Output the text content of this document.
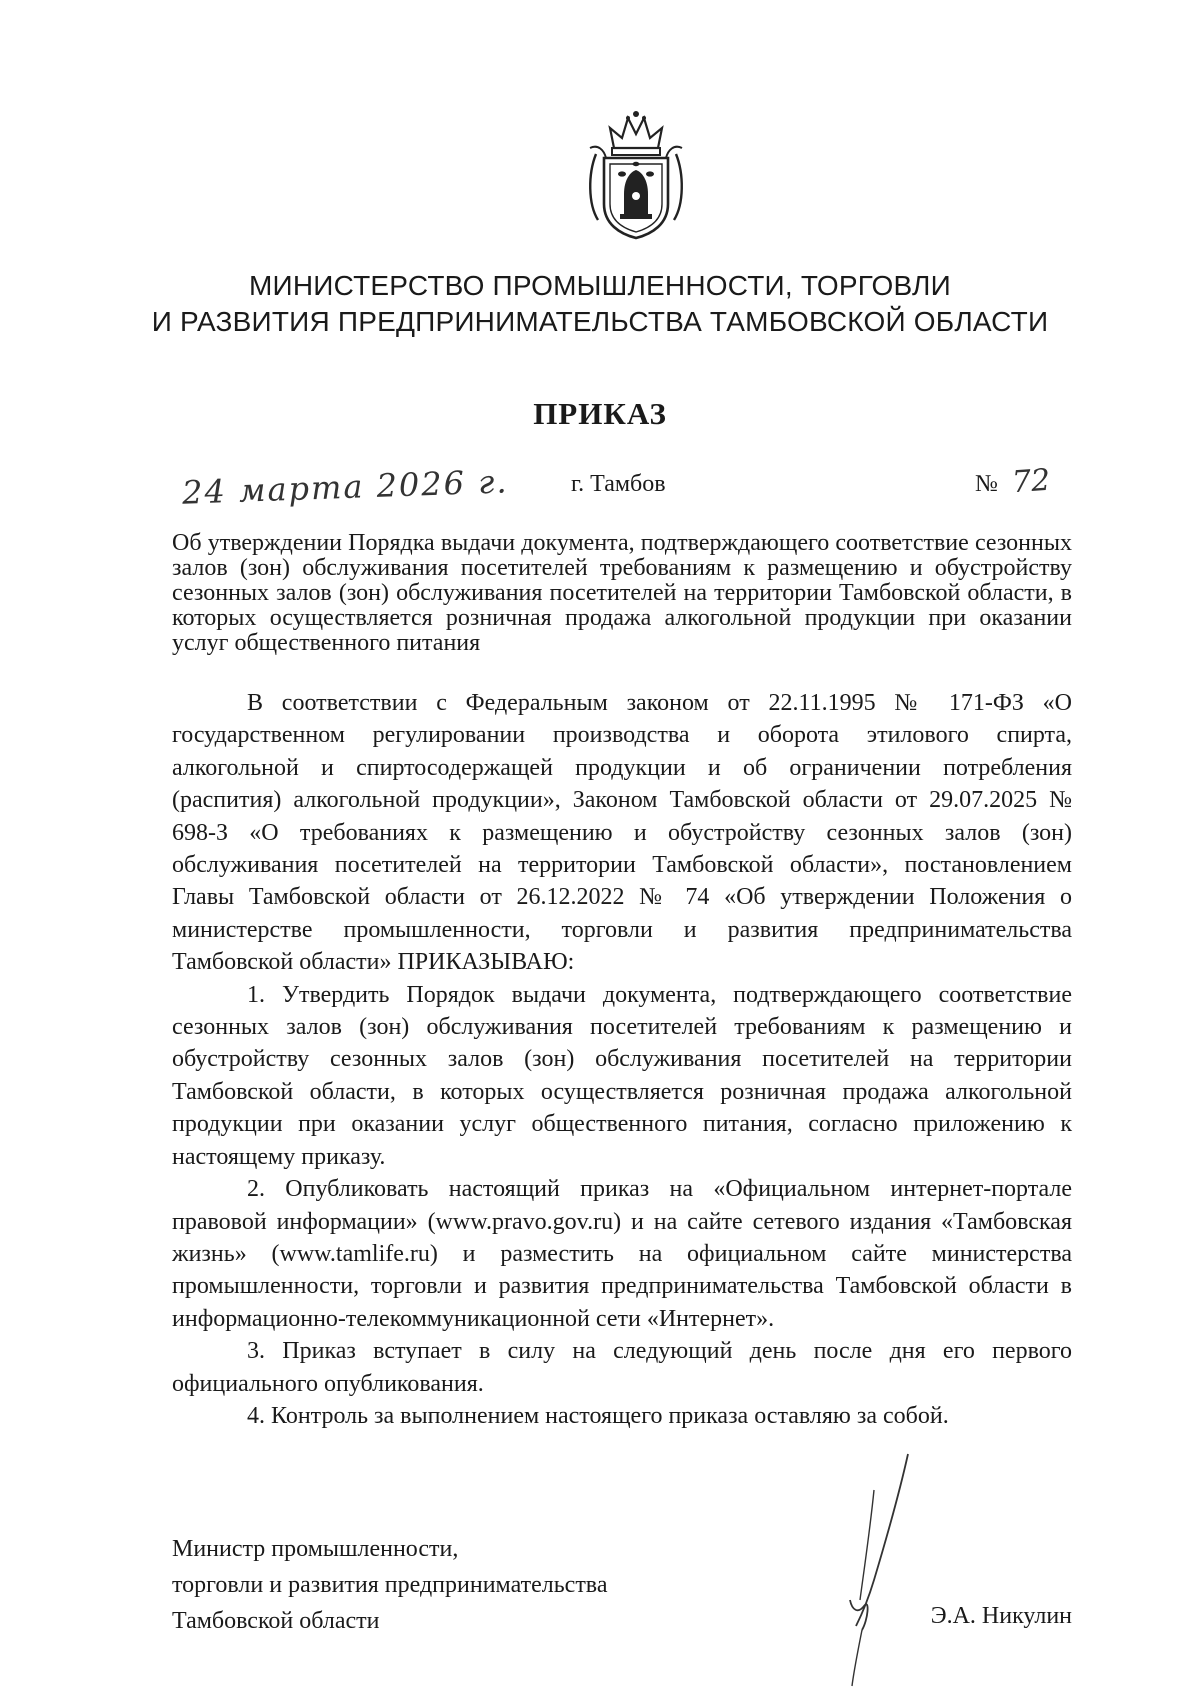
МИНИСТЕРСТВО ПРОМЫШЛЕННОСТИ, ТОРГОВЛИ
И РАЗВИТИЯ ПРЕДПРИНИМАТЕЛЬСТВА ТАМБОВСКОЙ ОБЛАСТИ
ПРИКАЗ
24 марта 2026 г.	г. Тамбов	№ 72
Об утверждении Порядка выдачи документа, подтверждающего соответствие сезонных залов (зон) обслуживания посетителей требованиям к размещению и обустройству сезонных залов (зон) обслуживания посетителей на территории Тамбовской области, в которых осуществляется розничная продажа алкогольной продукции при оказании услуг общественного питания

В соответствии с Федеральным законом от 22.11.1995 № 171-ФЗ «О государственном регулировании производства и оборота этилового спирта, алкогольной и спиртосодержащей продукции и об ограничении потребления (распития) алкогольной продукции», Законом Тамбовской области от 29.07.2025 № 698-З «О требованиях к размещению и обустройству сезонных залов (зон) обслуживания посетителей на территории Тамбовской области», постановлением Главы Тамбовской области от 26.12.2022 № 74 «Об утверждении Положения о министерстве промышленности, торговли и развития предпринимательства Тамбовской области» ПРИКАЗЫВАЮ:

1. Утвердить Порядок выдачи документа, подтверждающего соответствие сезонных залов (зон) обслуживания посетителей требованиям к размещению и обустройству сезонных залов (зон) обслуживания посетителей на территории Тамбовской области, в которых осуществляется розничная продажа алкогольной продукции при оказании услуг общественного питания, согласно приложению к настоящему приказу.

2. Опубликовать настоящий приказ на «Официальном интернет-портале правовой информации» (www.pravo.gov.ru) и на сайте сетевого издания «Тамбовская жизнь» (www.tamlife.ru) и разместить на официальном сайте министерства промышленности, торговли и развития предпринимательства Тамбовской области в информационно-телекоммуникационной сети «Интернет».

3. Приказ вступает в силу на следующий день после дня его первого официального опубликования.

4. Контроль за выполнением настоящего приказа оставляю за собой.

Министр промышленности,
торговли и развития предпринимательства
Тамбовской области	Э.А. Никулин
